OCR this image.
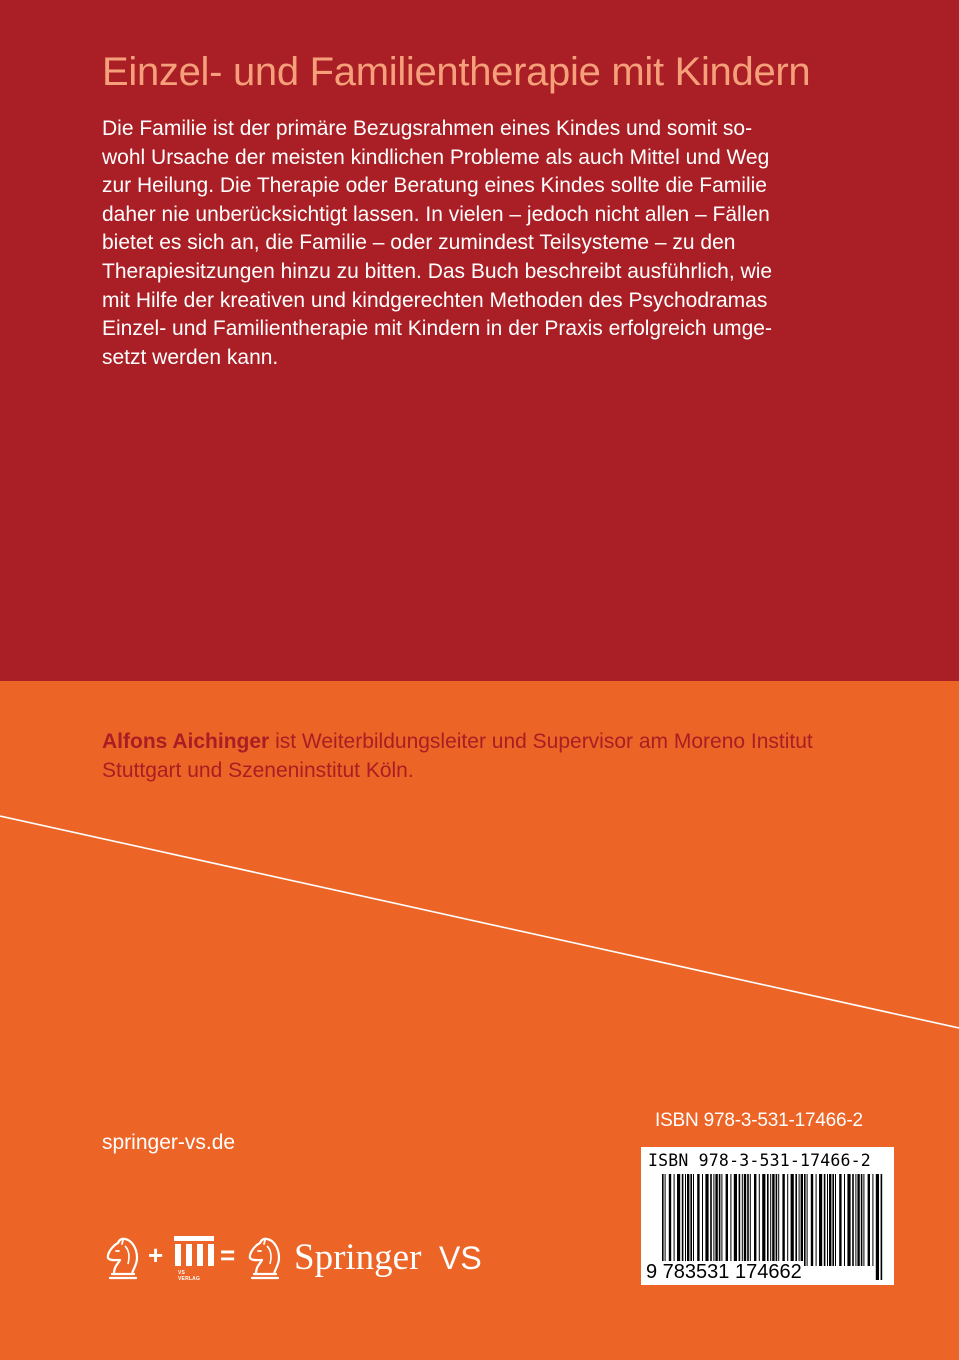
Einzel- und Familientherapie mit Kindern

Die Familie ist der primäre Bezugsrahmen eines Kindes und somit so-
wohl Ursache der meisten kindlichen Probleme als auch Mittel und Weg
zur Heilung. Die Therapie oder Beratung eines Kindes sollte die Familie
daher nie unberücksichtigt lassen. In vielen – jedoch nicht allen – Fällen
bietet es sich an, die Familie – oder zumindest Teilsysteme – zu den
Therapiesitzungen hinzu zu bitten. Das Buch beschreibt ausführlich, wie
mit Hilfe der kreativen und kindgerechten Methoden des Psychodramas
Einzel- und Familientherapie mit Kindern in der Praxis erfolgreich umge-
setzt werden kann.

Alfons Aichinger ist Weiterbildungsleiter und Supervisor am Moreno Institut Stuttgart und Szeneninstitut Köln.

springer-vs.de
ISBN 978-3-531-17466-2
ISBN 978-3-531-17466-2
9 783531 174662
+
VS VERLAG
= Springer VS
